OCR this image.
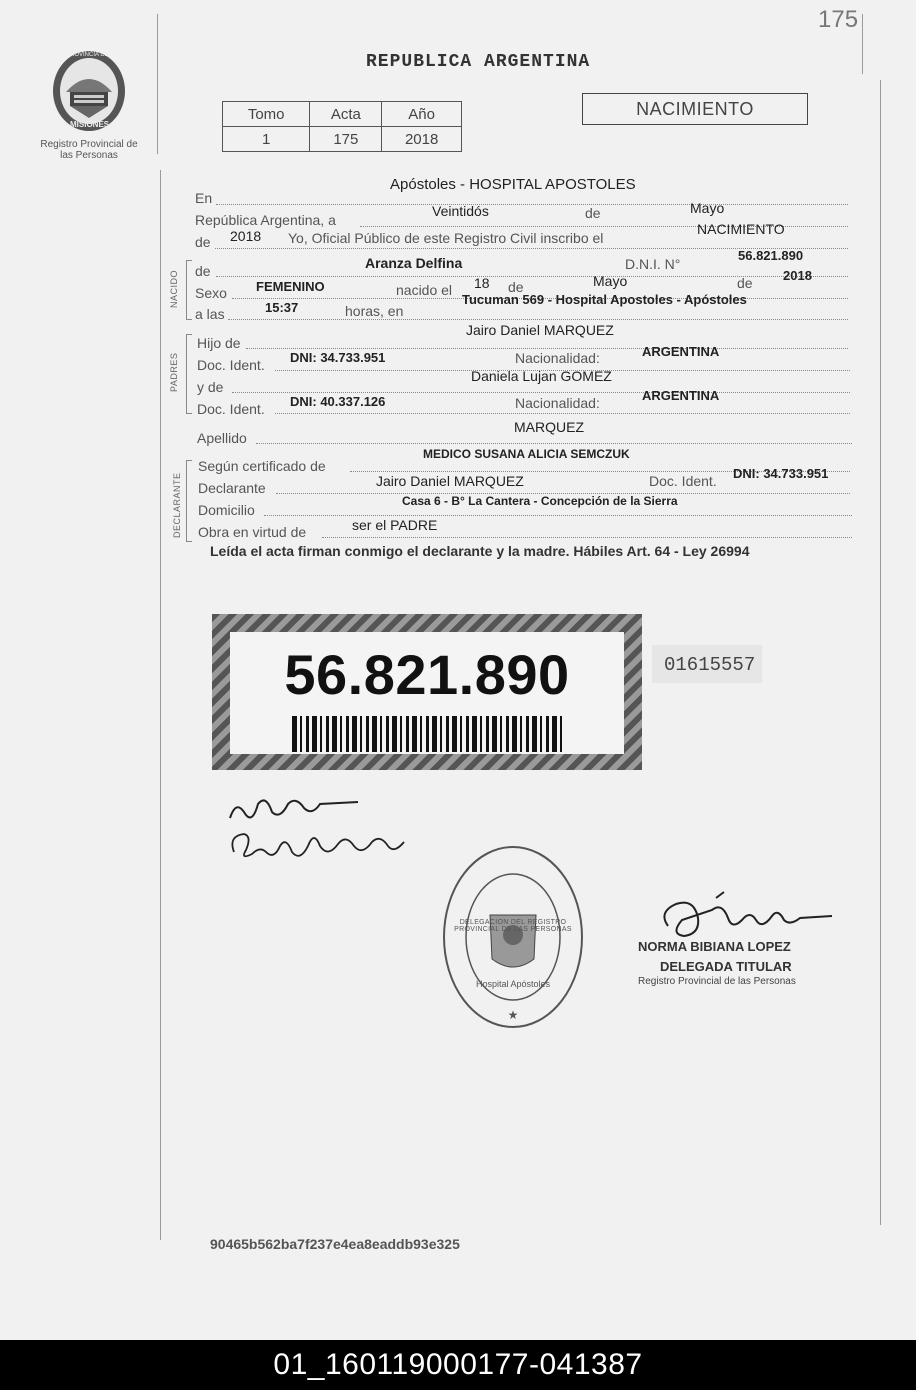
175
PROVINCIA DE
MISIONES
Registro Provincial de las Personas
REPUBLICA ARGENTINA
Tomo	Acta	Año
1	175	2018
NACIMIENTO
En
Apóstoles - HOSPITAL APOSTOLES
República Argentina, a
Veintidós	de	Mayo
de 2018 Yo, Oficial Público de este Registro Civil inscribo el
NACIMIENTO
NACIDO de	Aranza Delfina	D.N.I. N°
56.821.890
Sexo FEMENINO	nacido el 18 de	Mayo	de 2018
a las	15:37	horas, en
Tucuman 569 - Hospital Apostoles - Apóstoles
PADRES
Hijo de
Jairo Daniel MARQUEZ
Doc. Ident. DNI: 34.733.951	Nacionalidad:	ARGENTINA
y de
Daniela Lujan GOMEZ
Doc. Ident. DNI: 40.337.126	Nacionalidad:	ARGENTINA
Apellido
MARQUEZ
DECLARANTE
Según certificado de
MEDICO SUSANA ALICIA SEMCZUK
Declarante	Jairo Daniel MARQUEZ	Doc. Ident. DNI: 34.733.951
Domicilio
Casa 6 - B° La Cantera - Concepción de la Sierra
Obra en virtud de	ser el PADRE
Leída el acta firman conmigo el declarante y la madre. Hábiles Art. 64 - Ley 26994
56.821.890	01615557
★
DELEGACION DEL REGISTRO PROVINCIAL DE LAS PERSONAS
Hospital Apóstoles
NORMA BIBIANA LOPEZ
DELEGADA TITULAR
Registro Provincial de las Personas
90465b562ba7f237e4ea8eaddb93e325
01_160119000177-041387
